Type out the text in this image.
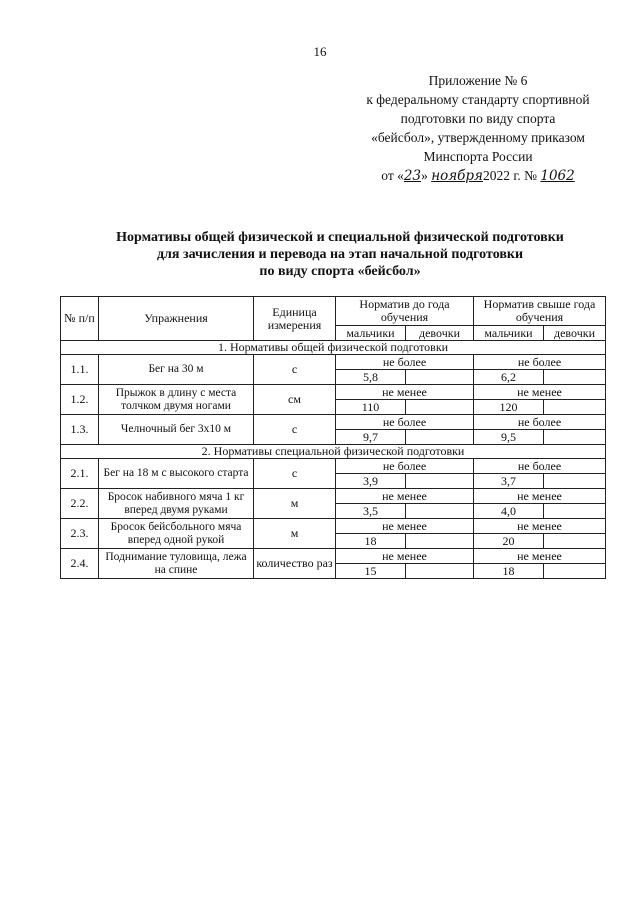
16
Приложение № 6
к федеральному стандарту спортивной
подготовки по виду спорта
«бейсбол», утвержденному приказом
Минспорта России
от «23» ноября2022 г. № 1062
Нормативы общей физической и специальной физической подготовки
для зачисления и перевода на этап начальной подготовки
по виду спорта «бейсбол»
№ п/п	Упражнения	Единица измерения	Норматив до года обучения		Норматив свыше года обучения	
			мальчики	девочки	мальчики	девочки
1. Нормативы общей физической подготовки						
1.1.	Бег на 30 м	с	не более		не более	
			5,8		6,2	
1.2.	Прыжок в длину с места толчком двумя ногами	см	не менее		не менее	
			110		120	
1.3.	Челночный бег 3х10 м	с	не более		не более	
			9,7		9,5	
2. Нормативы специальной физической подготовки						
2.1.	Бег на 18 м с высокого старта	с	не более		не более	
			3,9		3,7	
2.2.	Бросок набивного мяча 1 кг вперед двумя руками	м	не менее		не менее	
			3,5		4,0	
2.3.	Бросок бейсбольного мяча вперед одной рукой	м	не менее		не менее	
			18		20	
2.4.	Поднимание туловища, лежа на спине	количество раз	не менее		не менее	
			15		18	
